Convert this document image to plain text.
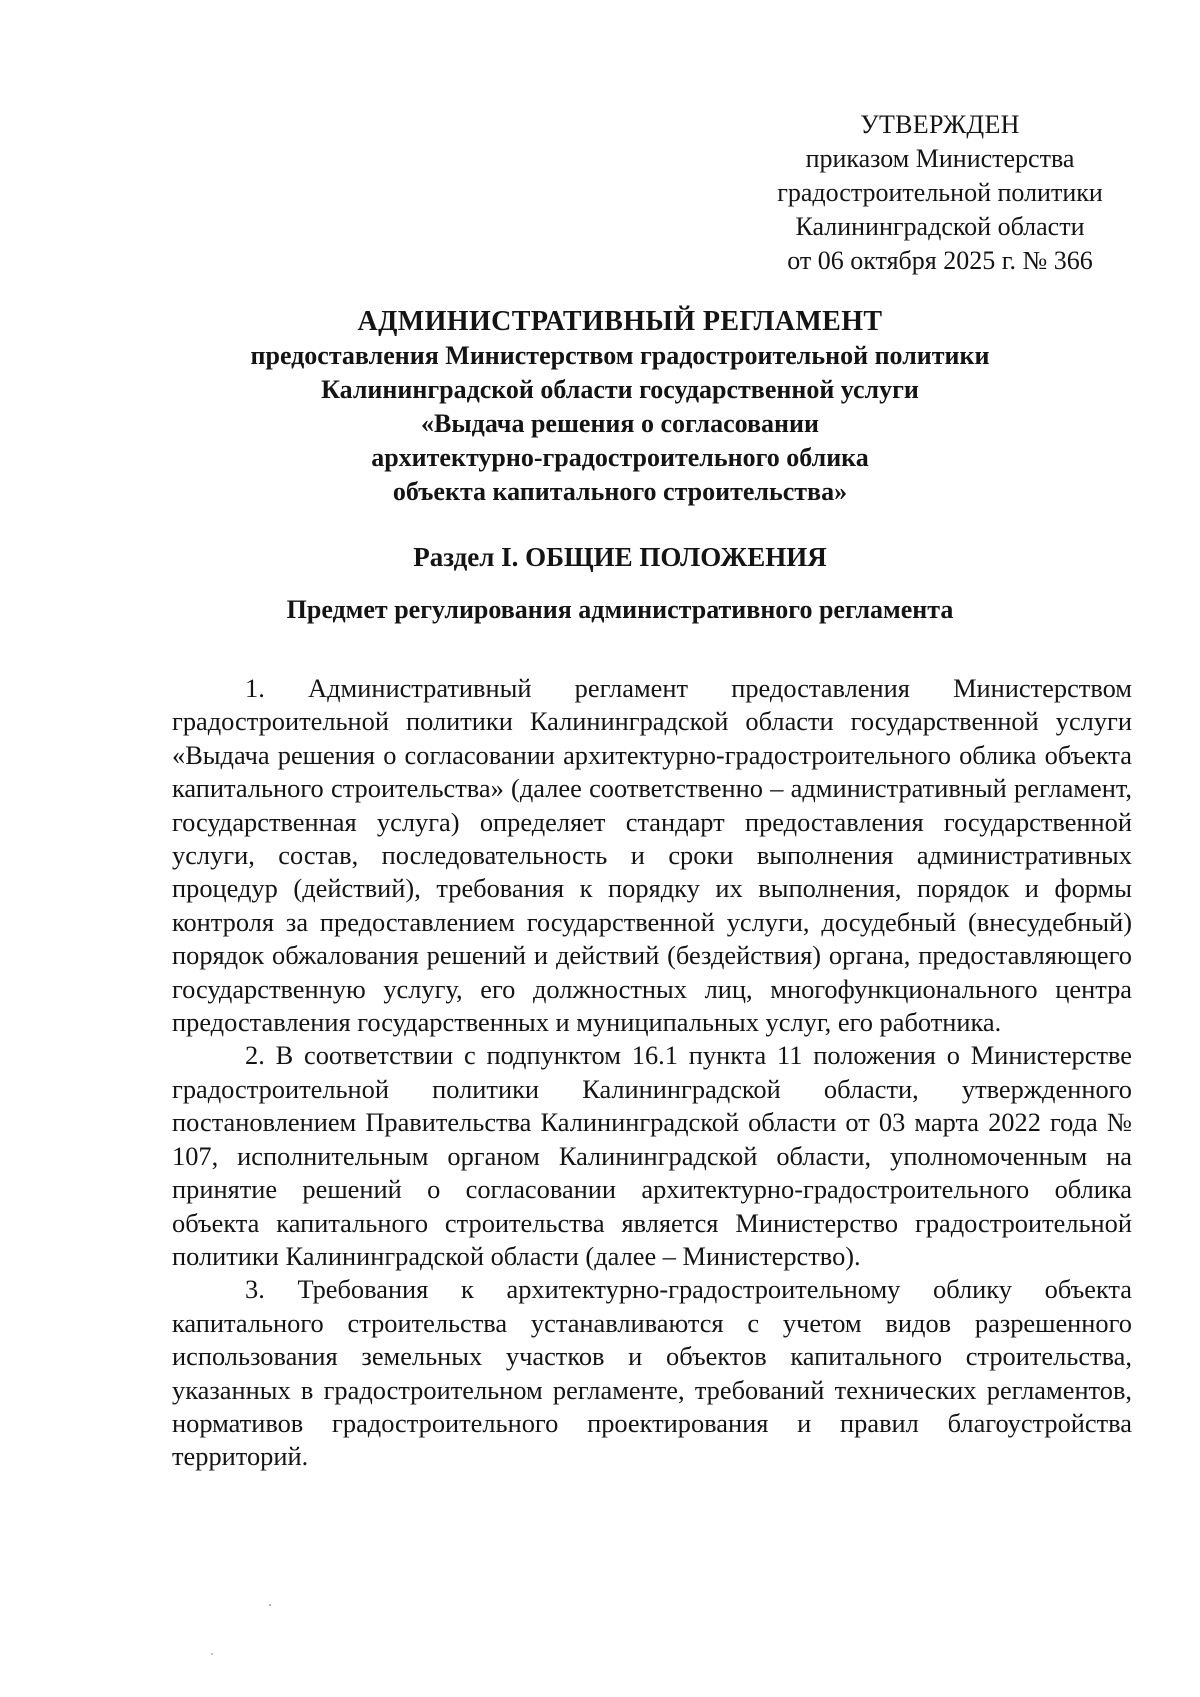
УТВЕРЖДЕН
приказом Министерства
градостроительной политики
Калининградской области
от 06 октября 2025 г. № 366
АДМИНИСТРАТИВНЫЙ РЕГЛАМЕНТ
предоставления Министерством градостроительной политики
Калининградской области государственной услуги
«Выдача решения о согласовании
архитектурно-градостроительного облика
объекта капитального строительства»
Раздел I. ОБЩИЕ ПОЛОЖЕНИЯ
Предмет регулирования административного регламента

1. Административный регламент предоставления Министерством градостроительной политики Калининградской области государственной услуги «Выдача решения о согласовании архитектурно-градостроительного облика объекта капитального строительства» (далее соответственно – административный регламент, государственная услуга) определяет стандарт предоставления государственной услуги, состав, последовательность и сроки выполнения административных процедур (действий), требования к порядку их выполнения, порядок и формы контроля за предоставлением государственной услуги, досудебный (внесудебный) порядок обжалования решений и действий (бездействия) органа, предоставляющего государственную услугу, его должностных лиц, многофункционального центра предоставления государственных и муниципальных услуг, его работника.

2. В соответствии с подпунктом 16.1 пункта 11 положения о Министерстве градостроительной политики Калининградской области, утвержденного постановлением Правительства Калининградской области от 03 марта 2022 года № 107, исполнительным органом Калининградской области, уполномоченным на принятие решений о согласовании архитектурно-градостроительного облика объекта капитального строительства является Министерство градостроительной политики Калининградской области (далее – Министерство).

3. Требования к архитектурно-градостроительному облику объекта капитального строительства устанавливаются с учетом видов разрешенного использования земельных участков и объектов капитального строительства, указанных в градостроительном регламенте, требований технических регламентов, нормативов градостроительного проектирования и правил благоустройства территорий.
